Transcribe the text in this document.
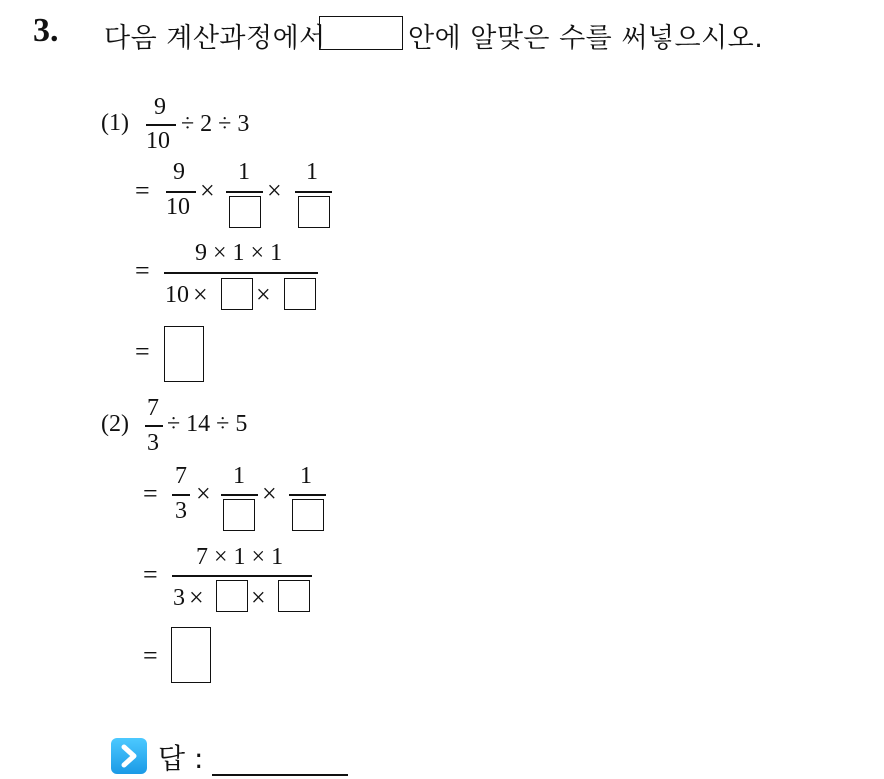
3. 다음 계산과정에서	안에 알맞은 수를 써넣으시오.
(1)
9
10
÷ 2 ÷ 3
=
9
10
×
1
×
1
=
9 × 1 × 1
10 × ×
=
(2)
7
3
÷ 14 ÷ 5
=
7
3
×
1
×
1
=
7 × 1 × 1
3 × ×
=
답 :
